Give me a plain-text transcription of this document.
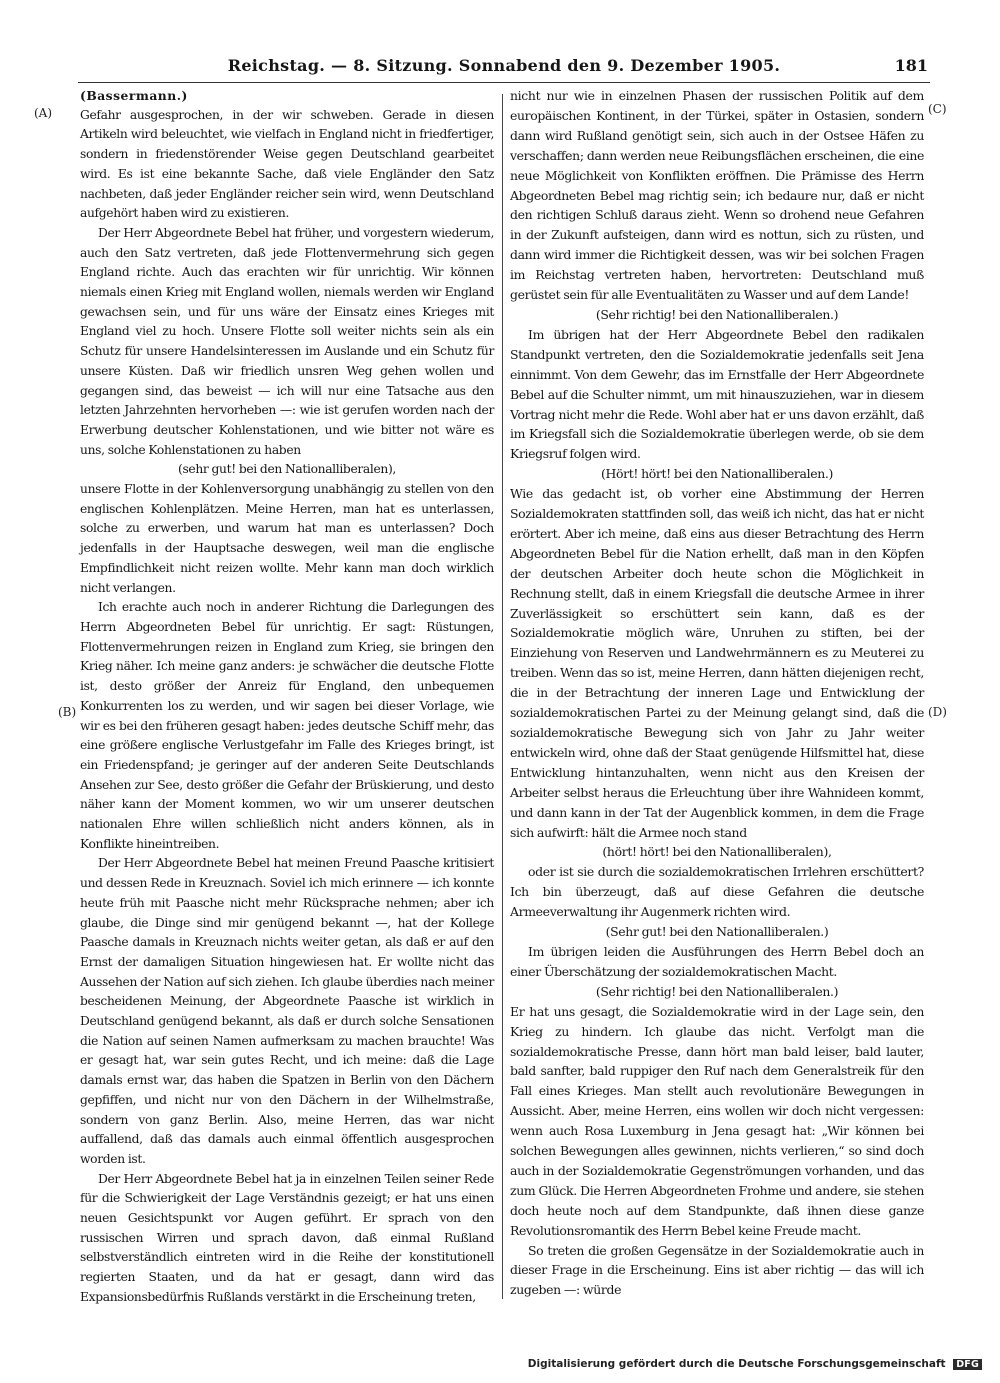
Reichstag. — 8. Sitzung. Sonnabend den 9. Dezember 1905.	181
(A)
(B)
(C)
(D)

(Bassermann.)

Gefahr ausgesprochen, in der wir schweben. Gerade in diesen Artikeln wird beleuchtet, wie vielfach in England nicht in friedfertiger, sondern in friedenstörender Weise gegen Deutschland gearbeitet wird. Es ist eine bekannte Sache, daß viele Engländer den Satz nachbeten, daß jeder Engländer reicher sein wird, wenn Deutschland aufgehört haben wird zu existieren.

Der Herr Abgeordnete Bebel hat früher, und vorgestern wiederum, auch den Satz vertreten, daß jede Flottenvermehrung sich gegen England richte. Auch das erachten wir für unrichtig. Wir können niemals einen Krieg mit England wollen, niemals werden wir England gewachsen sein, und für uns wäre der Einsatz eines Krieges mit England viel zu hoch. Unsere Flotte soll weiter nichts sein als ein Schutz für unsere Handelsinteressen im Auslande und ein Schutz für unsere Küsten. Daß wir friedlich unsren Weg gehen wollen und gegangen sind, das beweist — ich will nur eine Tatsache aus den letzten Jahrzehnten hervorheben —: wie ist gerufen worden nach der Erwerbung deutscher Kohlenstationen, und wie bitter not wäre es uns, solche Kohlenstationen zu haben

(sehr gut! bei den Nationalliberalen),

unsere Flotte in der Kohlenversorgung unabhängig zu stellen von den englischen Kohlenplätzen. Meine Herren, man hat es unterlassen, solche zu erwerben, und warum hat man es unterlassen? Doch jedenfalls in der Hauptsache deswegen, weil man die englische Empfindlichkeit nicht reizen wollte. Mehr kann man doch wirklich nicht verlangen.

Ich erachte auch noch in anderer Richtung die Darlegungen des Herrn Abgeordneten Bebel für unrichtig. Er sagt: Rüstungen, Flottenvermehrungen reizen in England zum Krieg, sie bringen den Krieg näher. Ich meine ganz anders: je schwächer die deutsche Flotte ist, desto größer der Anreiz für England, den unbequemen Konkurrenten los zu werden, und wir sagen bei dieser Vorlage, wie wir es bei den früheren gesagt haben: jedes deutsche Schiff mehr, das eine größere englische Verlustgefahr im Falle des Krieges bringt, ist ein Friedenspfand; je geringer auf der anderen Seite Deutschlands Ansehen zur See, desto größer die Gefahr der Brüskierung, und desto näher kann der Moment kommen, wo wir um unserer deutschen nationalen Ehre willen schließlich nicht anders können, als in Konflikte hineintreiben.

Der Herr Abgeordnete Bebel hat meinen Freund Paasche kritisiert und dessen Rede in Kreuznach. Soviel ich mich erinnere — ich konnte heute früh mit Paasche nicht mehr Rücksprache nehmen; aber ich glaube, die Dinge sind mir genügend bekannt —, hat der Kollege Paasche damals in Kreuznach nichts weiter getan, als daß er auf den Ernst der damaligen Situation hingewiesen hat. Er wollte nicht das Aussehen der Nation auf sich ziehen. Ich glaube überdies nach meiner bescheidenen Meinung, der Abgeordnete Paasche ist wirklich in Deutschland genügend bekannt, als daß er durch solche Sensationen die Nation auf seinen Namen aufmerksam zu machen brauchte! Was er gesagt hat, war sein gutes Recht, und ich meine: daß die Lage damals ernst war, das haben die Spatzen in Berlin von den Dächern gepfiffen, und nicht nur von den Dächern in der Wilhelmstraße, sondern von ganz Berlin. Also, meine Herren, das war nicht auffallend, daß das damals auch einmal öffentlich ausgesprochen worden ist.

Der Herr Abgeordnete Bebel hat ja in einzelnen Teilen seiner Rede für die Schwierigkeit der Lage Verständnis gezeigt; er hat uns einen neuen Gesichtspunkt vor Augen geführt. Er sprach von den russischen Wirren und sprach davon, daß einmal Rußland selbstverständlich eintreten wird in die Reihe der konstitutionell regierten Staaten, und da hat er gesagt, dann wird das Expansionsbedürfnis Rußlands verstärkt in die Erscheinung treten,

nicht nur wie in einzelnen Phasen der russischen Politik auf dem europäischen Kontinent, in der Türkei, später in Ostasien, sondern dann wird Rußland genötigt sein, sich auch in der Ostsee Häfen zu verschaffen; dann werden neue Reibungsflächen erscheinen, die eine neue Möglichkeit von Konflikten eröffnen. Die Prämisse des Herrn Abgeordneten Bebel mag richtig sein; ich bedaure nur, daß er nicht den richtigen Schluß daraus zieht. Wenn so drohend neue Gefahren in der Zukunft aufsteigen, dann wird es nottun, sich zu rüsten, und dann wird immer die Richtigkeit dessen, was wir bei solchen Fragen im Reichstag vertreten haben, hervortreten: Deutschland muß gerüstet sein für alle Eventualitäten zu Wasser und auf dem Lande!

(Sehr richtig! bei den Nationalliberalen.)

Im übrigen hat der Herr Abgeordnete Bebel den radikalen Standpunkt vertreten, den die Sozialdemokratie jedenfalls seit Jena einnimmt. Von dem Gewehr, das im Ernstfalle der Herr Abgeordnete Bebel auf die Schulter nimmt, um mit hinauszuziehen, war in diesem Vortrag nicht mehr die Rede. Wohl aber hat er uns davon erzählt, daß im Kriegsfall sich die Sozialdemokratie überlegen werde, ob sie dem Kriegsruf folgen wird.

(Hört! hört! bei den Nationalliberalen.)

Wie das gedacht ist, ob vorher eine Abstimmung der Herren Sozialdemokraten stattfinden soll, das weiß ich nicht, das hat er nicht erörtert. Aber ich meine, daß eins aus dieser Betrachtung des Herrn Abgeordneten Bebel für die Nation erhellt, daß man in den Köpfen der deutschen Arbeiter doch heute schon die Möglichkeit in Rechnung stellt, daß in einem Kriegsfall die deutsche Armee in ihrer Zuverlässigkeit so erschüttert sein kann, daß es der Sozialdemokratie möglich wäre, Unruhen zu stiften, bei der Einziehung von Reserven und Landwehrmännern es zu Meuterei zu treiben. Wenn das so ist, meine Herren, dann hätten diejenigen recht, die in der Betrachtung der inneren Lage und Entwicklung der sozialdemokratischen Partei zu der Meinung gelangt sind, daß die sozialdemokratische Bewegung sich von Jahr zu Jahr weiter entwickeln wird, ohne daß der Staat genügende Hilfsmittel hat, diese Entwicklung hintanzuhalten, wenn nicht aus den Kreisen der Arbeiter selbst heraus die Erleuchtung über ihre Wahnideen kommt, und dann kann in der Tat der Augenblick kommen, in dem die Frage sich aufwirft: hält die Armee noch stand

(hört! hört! bei den Nationalliberalen),

oder ist sie durch die sozialdemokratischen Irrlehren erschüttert? Ich bin überzeugt, daß auf diese Gefahren die deutsche Armeeverwaltung ihr Augenmerk richten wird.

(Sehr gut! bei den Nationalliberalen.)

Im übrigen leiden die Ausführungen des Herrn Bebel doch an einer Überschätzung der sozialdemokratischen Macht.

(Sehr richtig! bei den Nationalliberalen.)

Er hat uns gesagt, die Sozialdemokratie wird in der Lage sein, den Krieg zu hindern. Ich glaube das nicht. Verfolgt man die sozialdemokratische Presse, dann hört man bald leiser, bald lauter, bald sanfter, bald ruppiger den Ruf nach dem Generalstreik für den Fall eines Krieges. Man stellt auch revolutionäre Bewegungen in Aussicht. Aber, meine Herren, eins wollen wir doch nicht vergessen: wenn auch Rosa Luxemburg in Jena gesagt hat: „Wir können bei solchen Bewegungen alles gewinnen, nichts verlieren,“ so sind doch auch in der Sozialdemokratie Gegenströmungen vorhanden, und das zum Glück. Die Herren Abgeordneten Frohme und andere, sie stehen doch heute noch auf dem Standpunkte, daß ihnen diese ganze Revolutionsromantik des Herrn Bebel keine Freude macht.

So treten die großen Gegensätze in der Sozialdemokratie auch in dieser Frage in die Erscheinung. Eins ist aber richtig — das will ich zugeben —: würde

Digitalisierung gefördert durch die Deutsche Forschungsgemeinschaft DFG
